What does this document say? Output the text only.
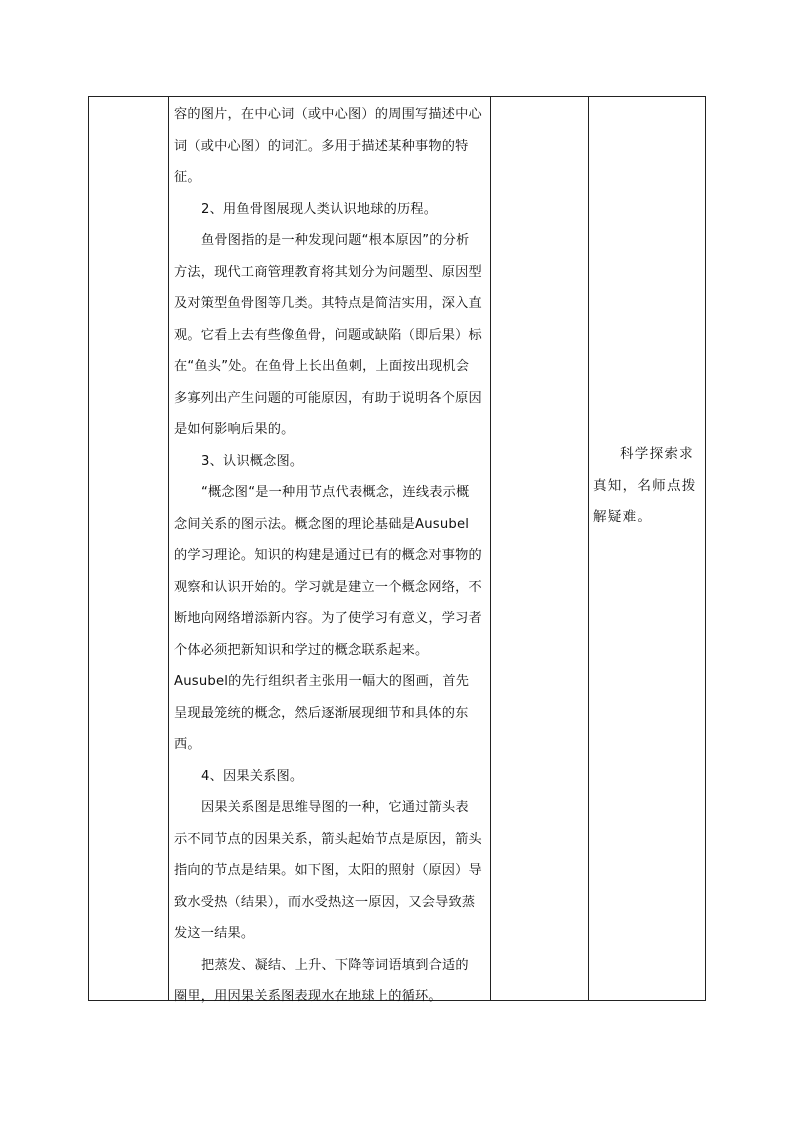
容的图片，在中心词（或中心图）的周围写描述中心词（或中心图）的词汇。多用于描述某种事物的特征。

2、用鱼骨图展现人类认识地球的历程。

鱼骨图指的是一种发现问题“根本原因”的分析方法，现代工商管理教育将其划分为问题型、原因型及对策型鱼骨图等几类。其特点是简洁实用，深入直观。它看上去有些像鱼骨，问题或缺陷（即后果）标在“鱼头”处。在鱼骨上长出鱼刺，上面按出现机会多寡列出产生问题的可能原因，有助于说明各个原因是如何影响后果的。

3、认识概念图。

“概念图“是一种用节点代表概念，连线表示概念间关系的图示法。概念图的理论基础是Ausubel的学习理论。知识的构建是通过已有的概念对事物的观察和认识开始的。学习就是建立一个概念网络，不断地向网络增添新内容。为了使学习有意义，学习者个体必须把新知识和学过的概念联系起来。Ausubel的先行组织者主张用一幅大的图画，首先呈现最笼统的概念，然后逐渐展现细节和具体的东西。

4、因果关系图。

因果关系图是思维导图的一种，它通过箭头表示不同节点的因果关系，箭头起始节点是原因，箭头指向的节点是结果。如下图，太阳的照射（原因）导致水受热（结果），而水受热这一原因，又会导致蒸发这一结果。

把蒸发、凝结、上升、下降等词语填到合适的圈里，用因果关系图表现水在地球上的循环。

科学探索求真知，名师点拨解疑难。
